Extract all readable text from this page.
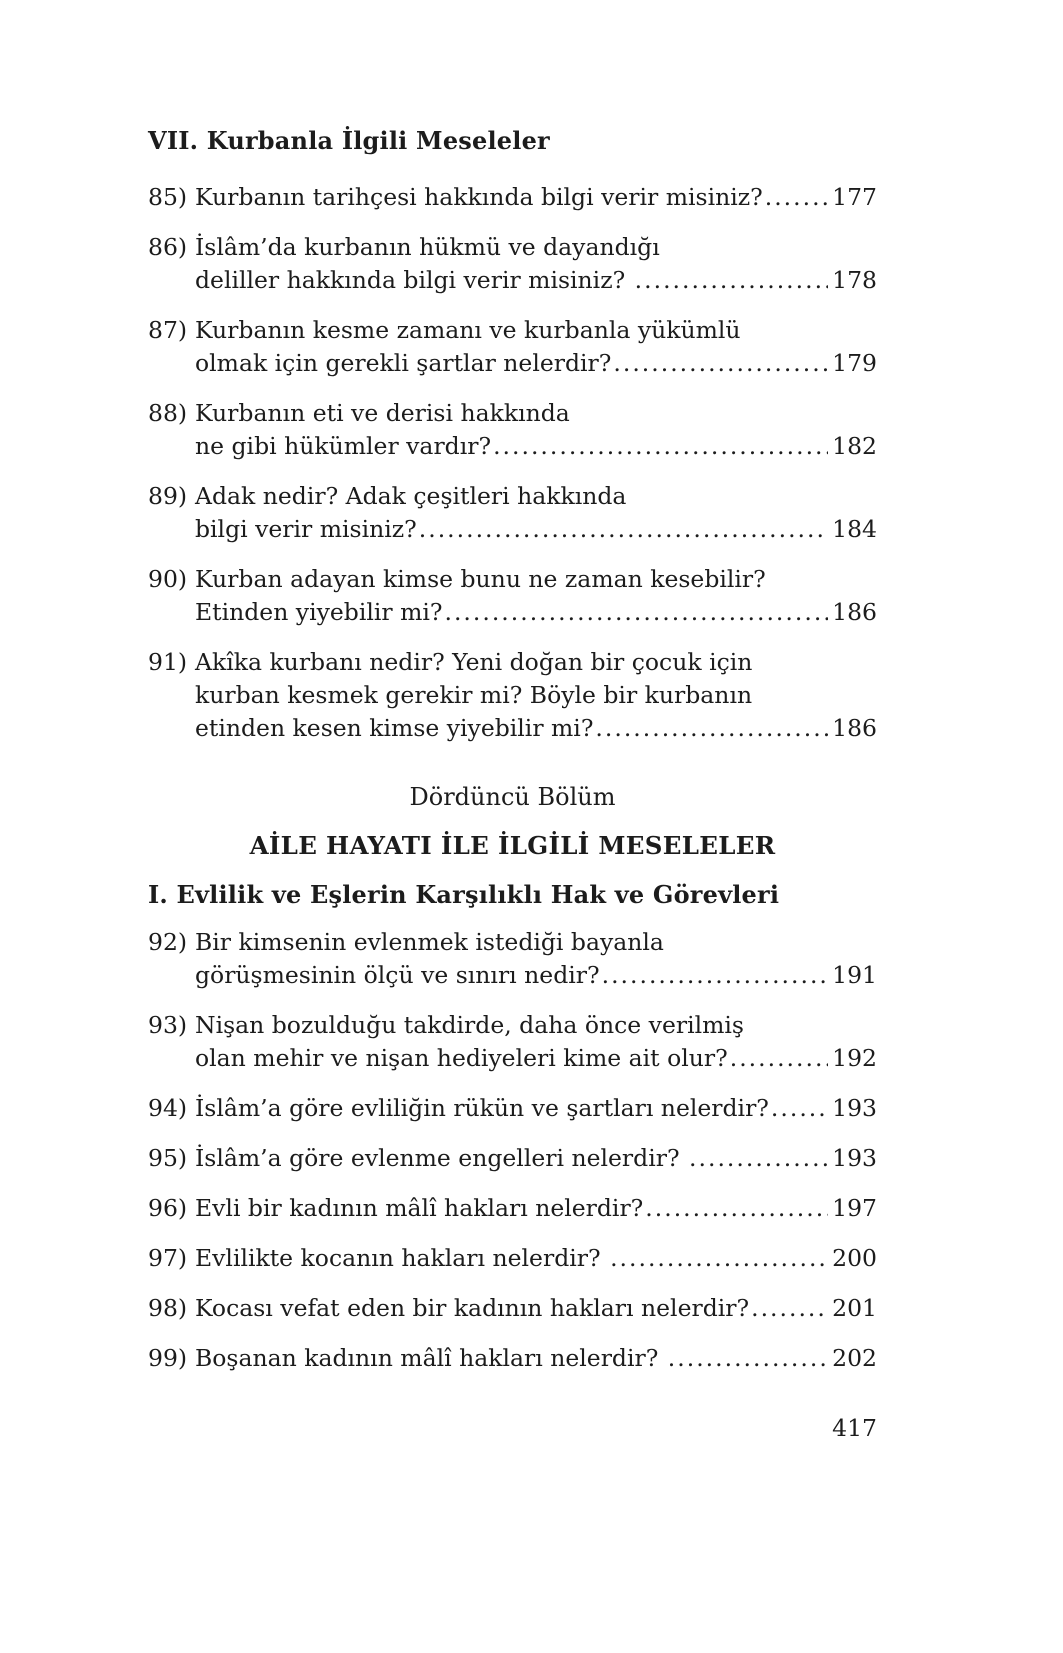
VII. Kurbanla İlgili Meseleler
85) Kurbanın tarihçesi hakkında bilgi verir misiniz? .....	177
86) İslâm’da kurbanın hükmü ve dayandığı
deliller hakkında bilgi verir misiniz? .....	178
87) Kurbanın kesme zamanı ve kurbanla yükümlü
olmak için gerekli şartlar nelerdir? .....	179
88) Kurbanın eti ve derisi hakkında
ne gibi hükümler vardır? .....	182
89) Adak nedir? Adak çeşitleri hakkında
bilgi verir misiniz? .....	184
90) Kurban adayan kimse bunu ne zaman kesebilir?
Etinden yiyebilir mi? .....	186
91) Akîka kurbanı nedir? Yeni doğan bir çocuk için
kurban kesmek gerekir mi? Böyle bir kurbanın
etinden kesen kimse yiyebilir mi? .....	186
Dördüncü Bölüm
AİLE HAYATI İLE İLGİLİ MESELELER
I. Evlilik ve Eşlerin Karşılıklı Hak ve Görevleri
92) Bir kimsenin evlenmek istediği bayanla
görüşmesinin ölçü ve sınırı nedir? .....	191
93) Nişan bozulduğu takdirde, daha önce verilmiş
olan mehir ve nişan hediyeleri kime ait olur? .....	192
94) İslâm’a göre evliliğin rükün ve şartları nelerdir? .....	193
95) İslâm’a göre evlenme engelleri nelerdir? .....	193
96) Evli bir kadının mâlî hakları nelerdir? .....	197
97) Evlilikte kocanın hakları nelerdir? .....	200
98) Kocası vefat eden bir kadının hakları nelerdir? .....	201
99) Boşanan kadının mâlî hakları nelerdir? .....	202
417
